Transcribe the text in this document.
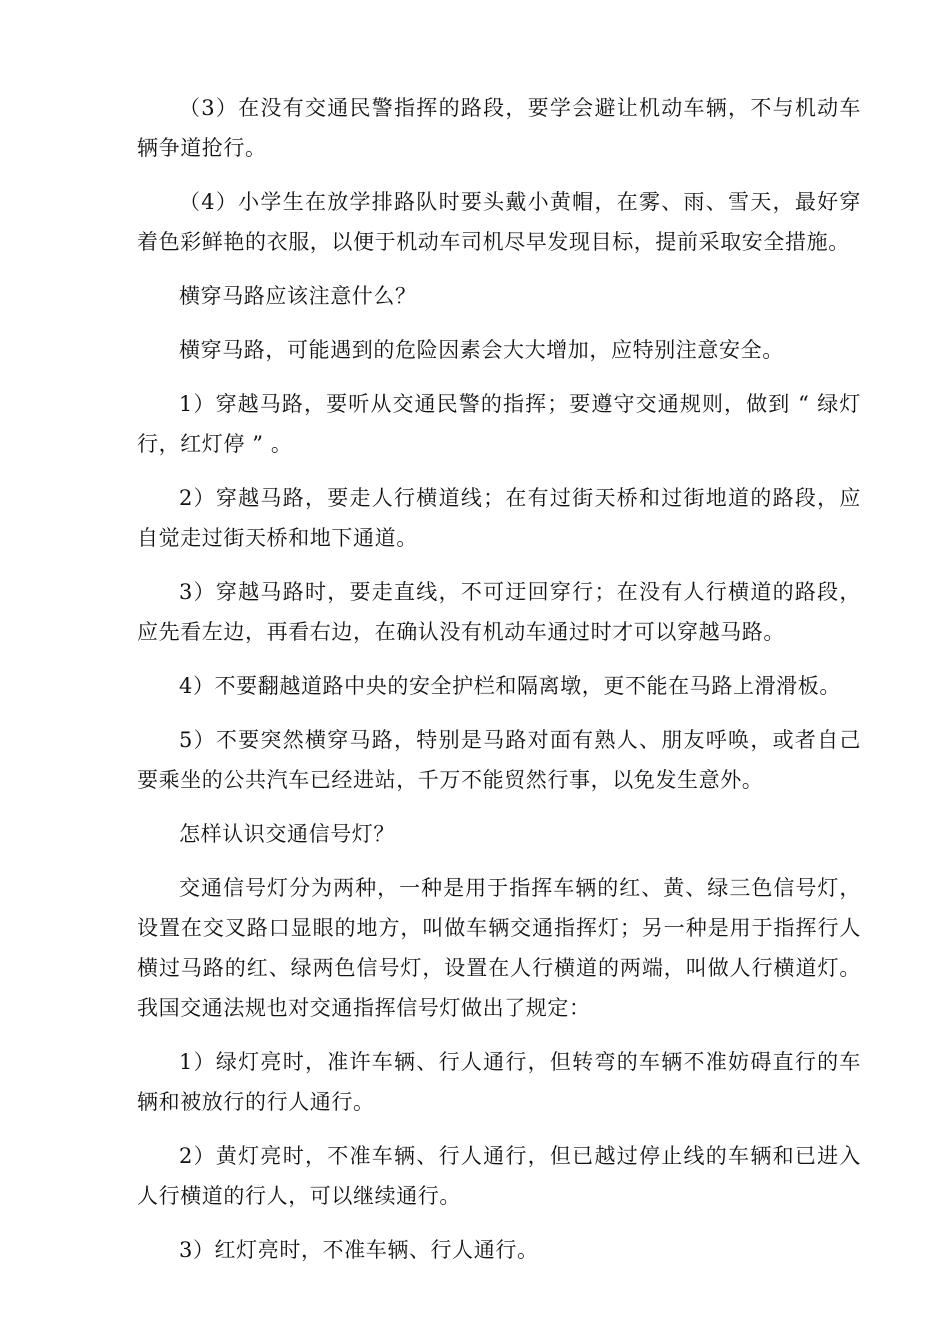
（3）在没有交通民警指挥的路段，要学会避让机动车辆，不与机动车辆争道抢行。

（4）小学生在放学排路队时要头戴小黄帽，在雾、雨、雪天，最好穿着色彩鲜艳的衣服，以便于机动车司机尽早发现目标，提前采取安全措施。

横穿马路应该注意什么？

横穿马路，可能遇到的危险因素会大大增加，应特别注意安全。

1）穿越马路，要听从交通民警的指挥；要遵守交通规则，做到 “ 绿灯行，红灯停 ” 。

2）穿越马路，要走人行横道线；在有过街天桥和过街地道的路段，应自觉走过街天桥和地下通道。

3）穿越马路时，要走直线，不可迂回穿行；在没有人行横道的路段，应先看左边，再看右边，在确认没有机动车通过时才可以穿越马路。

4）不要翻越道路中央的安全护栏和隔离墩，更不能在马路上滑滑板。

5）不要突然横穿马路，特别是马路对面有熟人、朋友呼唤，或者自己要乘坐的公共汽车已经进站，千万不能贸然行事，以免发生意外。

怎样认识交通信号灯？

交通信号灯分为两种，一种是用于指挥车辆的红、黄、绿三色信号灯，设置在交叉路口显眼的地方，叫做车辆交通指挥灯；另一种是用于指挥行人横过马路的红、绿两色信号灯，设置在人行横道的两端，叫做人行横道灯。我国交通法规也对交通指挥信号灯做出了规定：

1）绿灯亮时，准许车辆、行人通行，但转弯的车辆不准妨碍直行的车辆和被放行的行人通行。

2）黄灯亮时，不准车辆、行人通行，但已越过停止线的车辆和已进入人行横道的行人，可以继续通行。

3）红灯亮时，不准车辆、行人通行。
